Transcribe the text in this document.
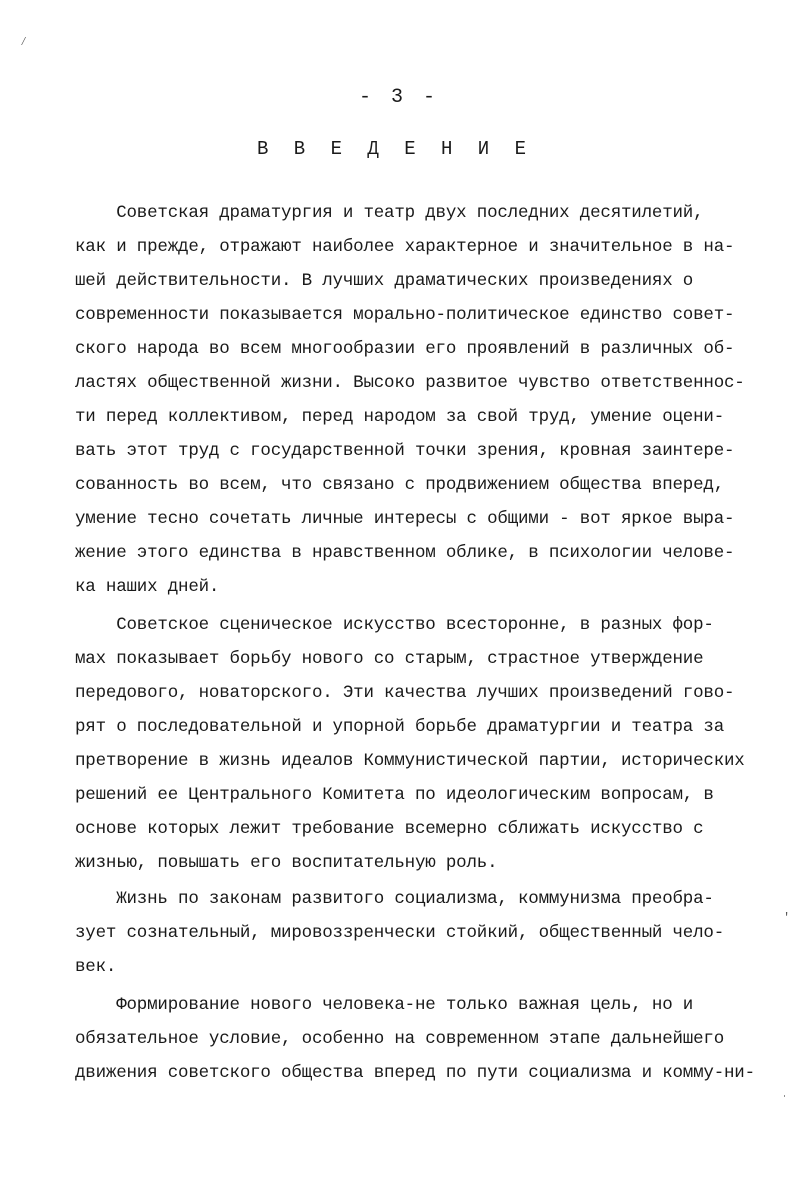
⁄
'
ˈ
- 3 -
В В Е Д Е Н И Е
Советская драматургия и театр двух последних десятилетий,
как и прежде, отражают наиболее характерное и значительное в на-
шей действительности. В лучших драматических произведениях о
современности показывается морально-политическое единство совет-
ского народа во всем многообразии его проявлений в различных об-
ластях общественной жизни. Высоко развитое чувство ответственнос-
ти перед коллективом, перед народом за свой труд, умение оцени-
вать этот труд с государственной точки зрения, кровная заинтере-
сованность во всем, что связано с продвижением общества вперед,
умение тесно сочетать личные интересы с общими - вот яркое выра-
жение этого единства в нравственном облике, в психологии челове-
ка наших дней.
Советское сценическое искусство всесторонне, в разных фор-
мах показывает борьбу нового со старым, страстное утверждение
передового, новаторского. Эти качества лучших произведений гово-
рят о последовательной и упорной борьбе драматургии и театра за
претворение в жизнь идеалов Коммунистической партии, исторических
решений ее Центрального Комитета по идеологическим вопросам, в
основе которых лежит требование всемерно сближать искусство с
жизнью, повышать его воспитательную роль.
Жизнь по законам развитого социализма, коммунизма преобра-
зует сознательный, мировоззренчески стойкий, общественный чело-
век.
Формирование нового человека-не только важная цель, но и
обязательное условие, особенно на современном этапе дальнейшего
движения советского общества вперед по пути социализма и комму-ни-
